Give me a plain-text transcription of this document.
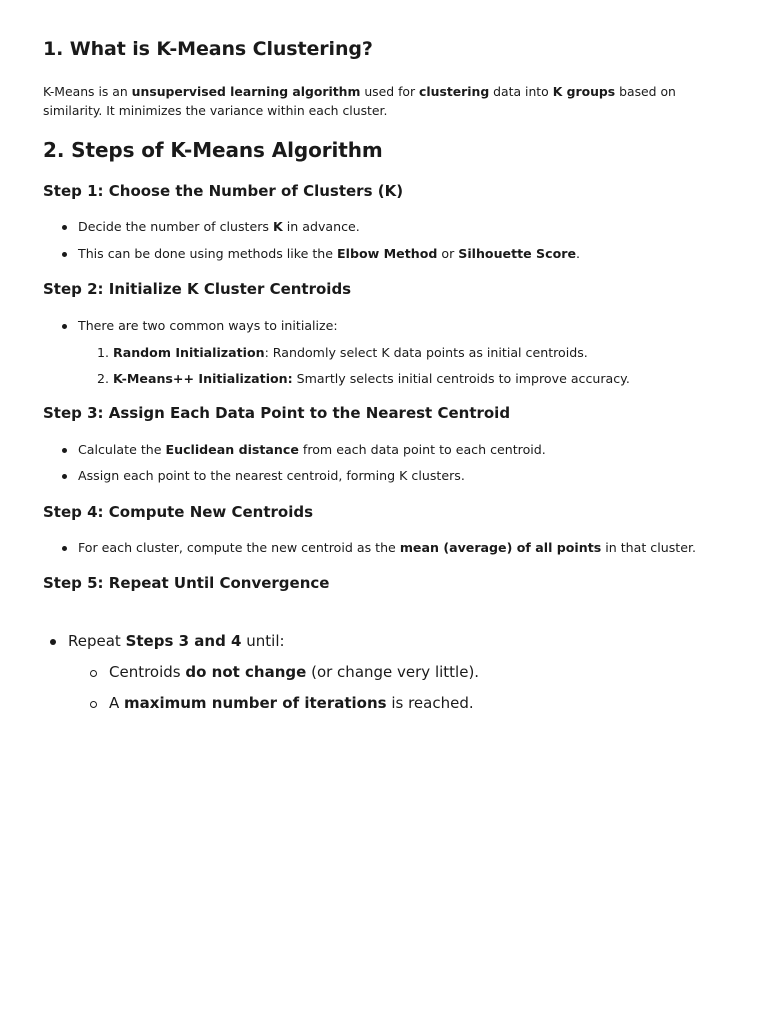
1. What is K-Means Clustering?

K-Means is an unsupervised learning algorithm used for clustering data into K groups based on similarity. It minimizes the variance within each cluster.

2. Steps of K-Means Algorithm
Step 1: Choose the Number of Clusters (K)
Decide the number of clusters K in advance.
This can be done using methods like the Elbow Method or Silhouette Score.
Step 2: Initialize K Cluster Centroids
There are two common ways to initialize:
1. Random Initialization: Randomly select K data points as initial centroids.
2. K-Means++ Initialization: Smartly selects initial centroids to improve accuracy.
Step 3: Assign Each Data Point to the Nearest Centroid
Calculate the Euclidean distance from each data point to each centroid.
Assign each point to the nearest centroid, forming K clusters.
Step 4: Compute New Centroids
For each cluster, compute the new centroid as the mean (average) of all points in that cluster.
Step 5: Repeat Until Convergence
Repeat Steps 3 and 4 until:
Centroids do not change (or change very little).
A maximum number of iterations is reached.
